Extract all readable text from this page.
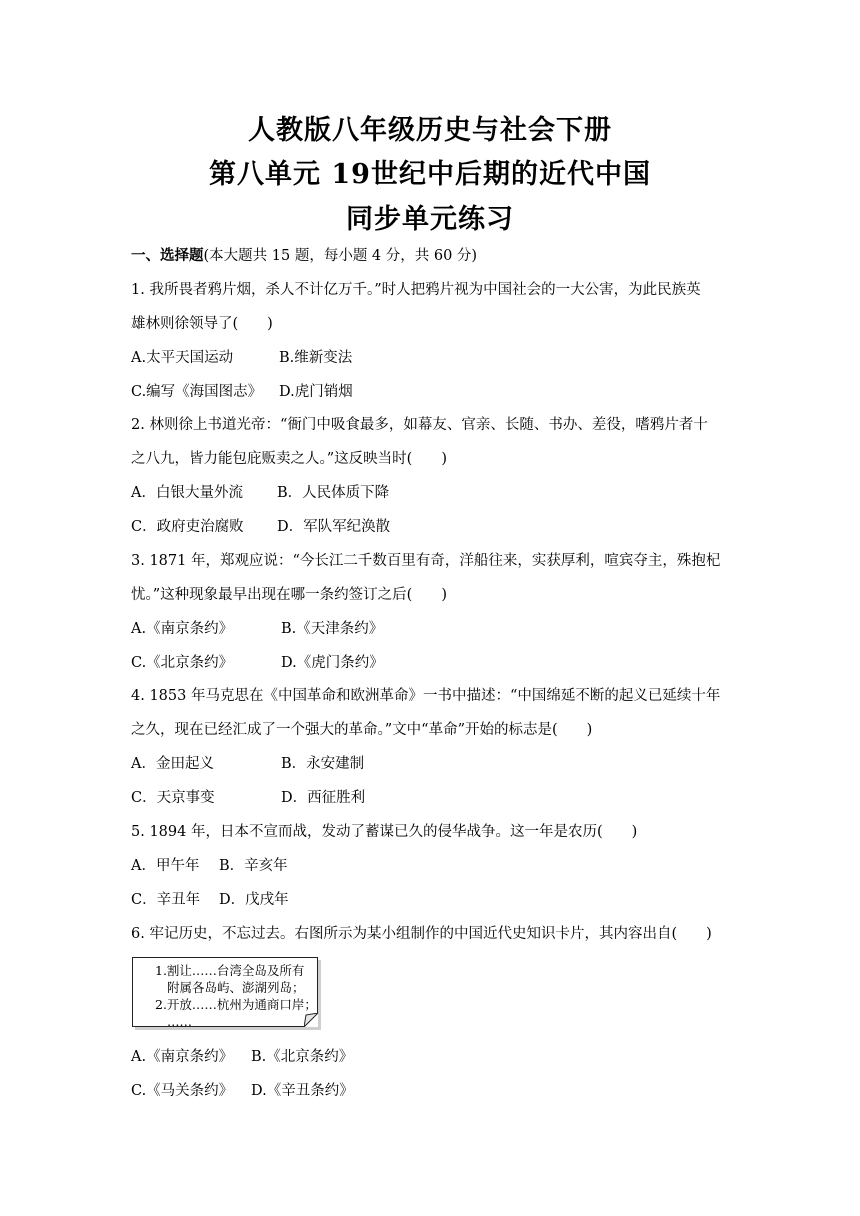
人教版八年级历史与社会下册
第八单元 19世纪中后期的近代中国
同步单元练习

一、选择题(本大题共 15 题，每小题 4 分，共 60 分)

1. 我所畏者鸦片烟，杀人不计亿万千。”时人把鸦片视为中国社会的一大公害，为此民族英

雄林则徐领导了(　　)

A.太平天国运动	B.维新变法

C.编写《海国图志》	D.虎门销烟

2. 林则徐上书道光帝：“衙门中吸食最多，如幕友、官亲、长随、书办、差役，嗜鸦片者十

之八九，皆力能包庇贩卖之人。”这反映当时(　　)

A．白银大量外流	B．人民体质下降

C．政府吏治腐败	D．军队军纪涣散

3. 1871 年，郑观应说：“今长江二千数百里有奇，洋船往来，实获厚利，喧宾夺主，殊抱杞

忧。”这种现象最早出现在哪一条约签订之后(　　)

A.《南京条约》	B.《天津条约》

C.《北京条约》	D.《虎门条约》

4. 1853 年马克思在《中国革命和欧洲革命》一书中描述：“中国绵延不断的起义已延续十年

之久，现在已经汇成了一个强大的革命。”文中“革命”开始的标志是(　　)

A．金田起义	B．永安建制

C．天京事变	D．西征胜利

5. 1894 年，日本不宣而战，发动了蓄谋已久的侵华战争。这一年是农历(　　)

A．甲午年	B．辛亥年

C．辛丑年	D．戊戌年

6. 牢记历史，不忘过去。右图所示为某小组制作的中国近代史知识卡片，其内容出自(　　)

1.割让……台湾全岛及所有

附属各岛屿、澎湖列岛；

2.开放……杭州为通商口岸；

……

A.《南京条约》	B.《北京条约》

C.《马关条约》	D.《辛丑条约》
